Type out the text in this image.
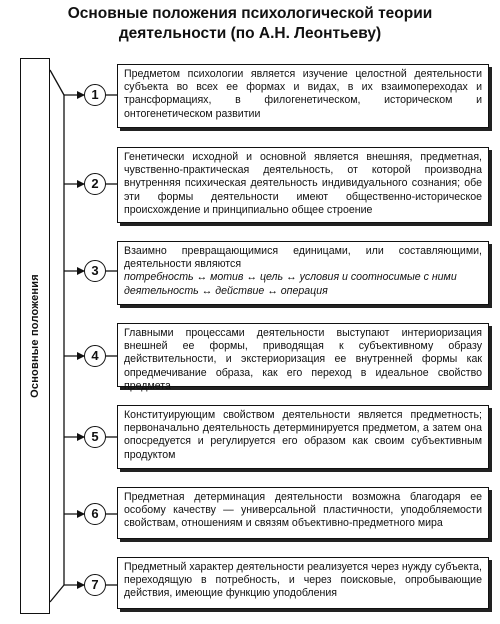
Основные положения психологической теории
деятельности (по А.Н. Леонтьеву)
Основные положения
1
2
3
4
5
6
7
Предметом психологии является изучение целостной деятельности субъекта во всех ее формах и видах, в их взаимопереходах и трансформациях, в филогенетическом, историческом и онтогенетическом развитии
Генетически исходной и основной является внешняя, предметная, чувственно-практическая деятельность, от которой производна внутренняя психическая деятельность индивидуального сознания; обе эти формы деятельности имеют общественно-историческое происхождение и принципиально общее строение
Взаимно превращающимися единицами, или составляющими, деятельности являются
потребность ↔ мотив ↔ цель ↔ условия и соотносимые с ними
деятельность ↔ действие ↔ операция
Главными процессами деятельности выступают интериоризация внешней ее формы, приводящая к субъективному образу действительности, и экстериоризация ее внутренней формы как опредмечивание образа, как его переход в идеальное свойство предмета
Конституирующим свойством деятельности является предметность; первоначально деятельность детерминируется предметом, а затем она опосредуется и регулируется его образом как своим субъективным продуктом
Предметная детерминация деятельности возможна благодаря ее особому качеству — универсальной пластичности, уподобляемости свойствам, отношениям и связям объективно-предметного мира
Предметный характер деятельности реализуется через нужду субъекта, переходящую в потребность, и через поисковые, опробывающие действия, имеющие функцию уподобления
